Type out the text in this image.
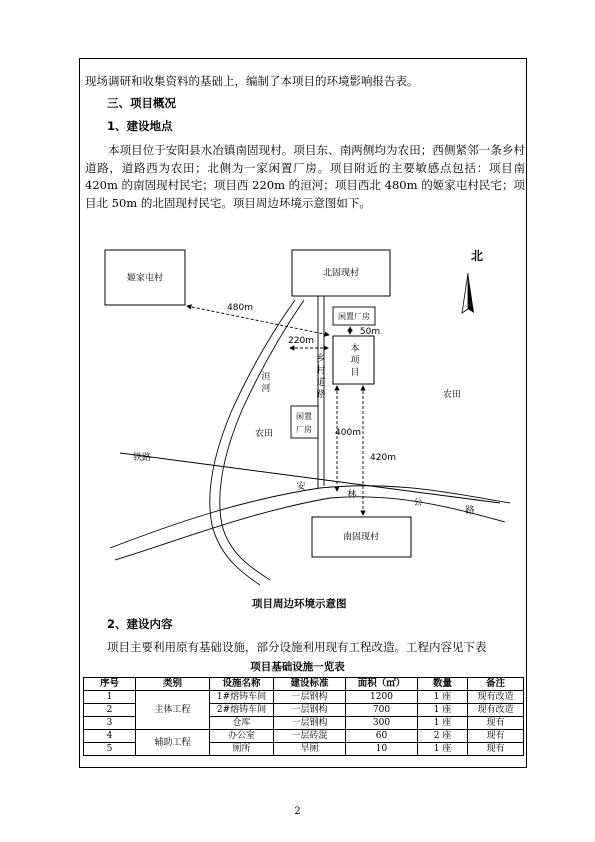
现场调研和收集资料的基础上，编制了本项目的环境影响报告表。
三、项目概况
1、建设地点
本项目位于安阳县水冶镇南固现村。项目东、南两侧均为农田；西侧紧邻一条乡村道路，道路西为农田；北侧为一家闲置厂房。项目附近的主要敏感点包括：项目南 420m 的南固现村民宅；项目西 220m 的洹河；项目西北 480m 的姬家屯村民宅；项目北 50m 的北固现村民宅。项目周边环境示意图如下。
姬家屯村	北固现村
南固现村
北
洹
河
乡
村
道
路
闲置厂房
本
项
目
闲置
厂房
480m
220m
50m
400m
420m
农田
农田
铁路
安
林
公
路
项目周边环境示意图
2、建设内容
项目主要利用原有基础设施，部分设施利用现有工程改造。工程内容见下表
项目基础设施一览表
序号	类别	设施名称	建设标准	面积（㎡）	数量	备注
1	主体工程	1#熔铸车间	一层钢构	1200	1 座	现有改造
2		2#熔铸车间	一层钢构	700	1 座	现有改造
3		仓库	一层钢构	300	1 座	现有
4	辅助工程	办公室	一层砖混	60	2 座	现有
5		厕所	旱厕	10	1 座	现有
2
